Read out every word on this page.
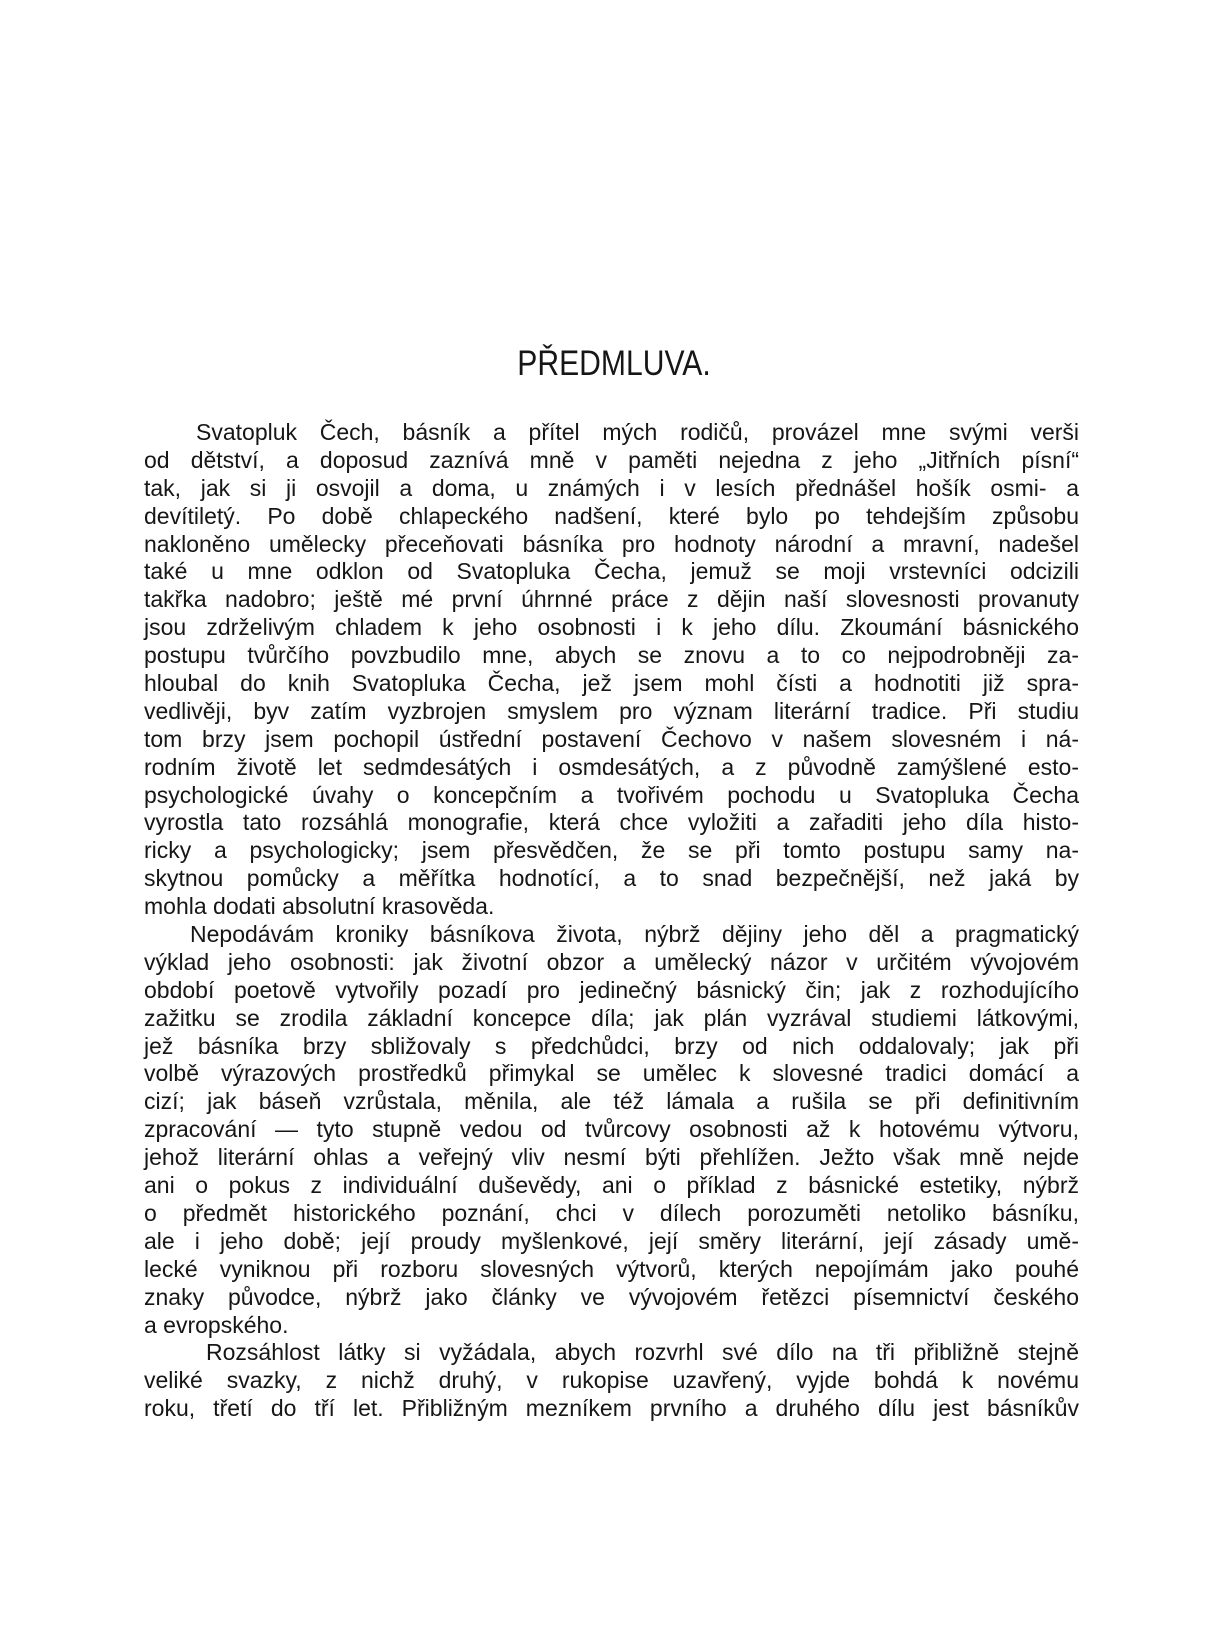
PŘEDMLUVA.
Svatopluk Čech, básník a přítel mých rodičů, provázel mne svými verši
od dětství, a doposud zaznívá mně v paměti nejedna z jeho „Jitřních písní“
tak, jak si ji osvojil a doma, u známých i v lesích přednášel hošík osmi- a
devítiletý. Po době chlapeckého nadšení, které bylo po tehdejším způsobu
nakloněno umělecky přeceňovati básníka pro hodnoty národní a mravní, nadešel
také u mne odklon od Svatopluka Čecha, jemuž se moji vrstevníci odcizili
takřka nadobro; ještě mé první úhrnné práce z dějin naší slovesnosti provanuty
jsou zdrželivým chladem k jeho osobnosti i k jeho dílu. Zkoumání básnického
postupu tvůrčího povzbudilo mne, abych se znovu a to co nejpodrobněji za-
hloubal do knih Svatopluka Čecha, jež jsem mohl čísti a hodnotiti již spra-
vedlivěji, byv zatím vyzbrojen smyslem pro význam literární tradice. Při studiu
tom brzy jsem pochopil ústřední postavení Čechovo v našem slovesném i ná-
rodním životě let sedmdesátých i osmdesátých, a z původně zamýšlené esto-
psychologické úvahy o koncepčním a tvořivém pochodu u Svatopluka Čecha
vyrostla tato rozsáhlá monografie, která chce vyložiti a zařaditi jeho díla histo-
ricky a psychologicky; jsem přesvědčen, že se při tomto postupu samy na-
skytnou pomůcky a měřítka hodnotící, a to snad bezpečnější, než jaká by
mohla dodati absolutní krasověda.
Nepodávám kroniky básníkova života, nýbrž dějiny jeho děl a pragmatický
výklad jeho osobnosti: jak životní obzor a umělecký názor v určitém vývojovém
období poetově vytvořily pozadí pro jedinečný básnický čin; jak z rozhodujícího
zažitku se zrodila základní koncepce díla; jak plán vyzrával studiemi látkovými,
jež básníka brzy sbližovaly s předchůdci, brzy od nich oddalovaly; jak při
volbě výrazových prostředků přimykal se umělec k slovesné tradici domácí a
cizí; jak báseň vzrůstala, měnila, ale též lámala a rušila se při definitivním
zpracování — tyto stupně vedou od tvůrcovy osobnosti až k hotovému výtvoru,
jehož literární ohlas a veřejný vliv nesmí býti přehlížen. Ježto však mně nejde
ani o pokus z individuální duševědy, ani o příklad z básnické estetiky, nýbrž
o předmět historického poznání, chci v dílech porozuměti netoliko básníku,
ale i jeho době; její proudy myšlenkové, její směry literární, její zásady umě-
lecké vyniknou při rozboru slovesných výtvorů, kterých nepojímám jako pouhé
znaky původce, nýbrž jako články ve vývojovém řetězci písemnictví českého
a evropského.
Rozsáhlost látky si vyžádala, abych rozvrhl své dílo na tři přibližně stejně
veliké svazky, z nichž druhý, v rukopise uzavřený, vyjde bohdá k novému
roku, třetí do tří let. Přibližným mezníkem prvního a druhého dílu jest básníkův
